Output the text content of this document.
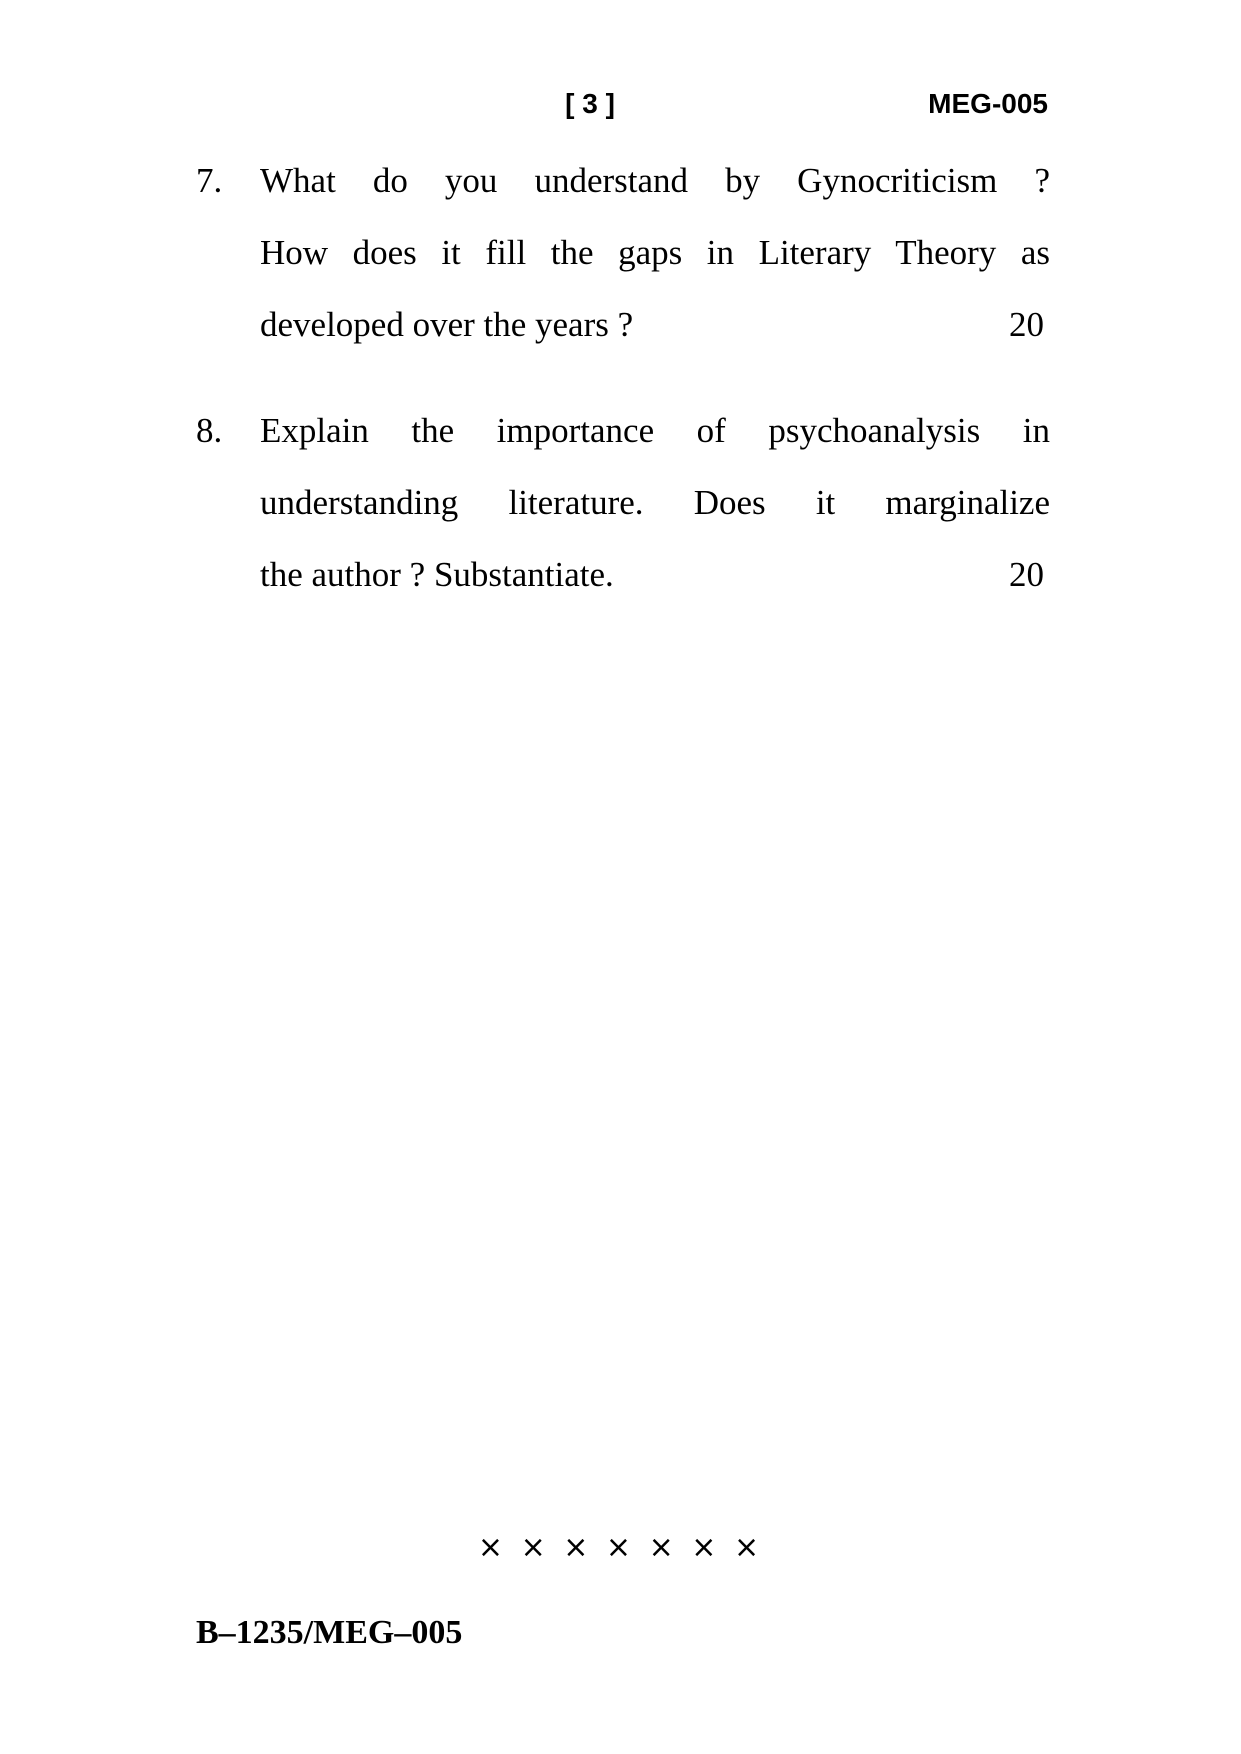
[ 3 ]	MEG-005
7. What do you understand by Gynocriticism ?
How does it fill the gaps in Literary Theory as
developed over the years ?	20
8. Explain the importance of psychoanalysis in
understanding literature. Does it marginalize
the author ? Substantiate.	20
× × × × × × ×
B–1235/MEG–005
